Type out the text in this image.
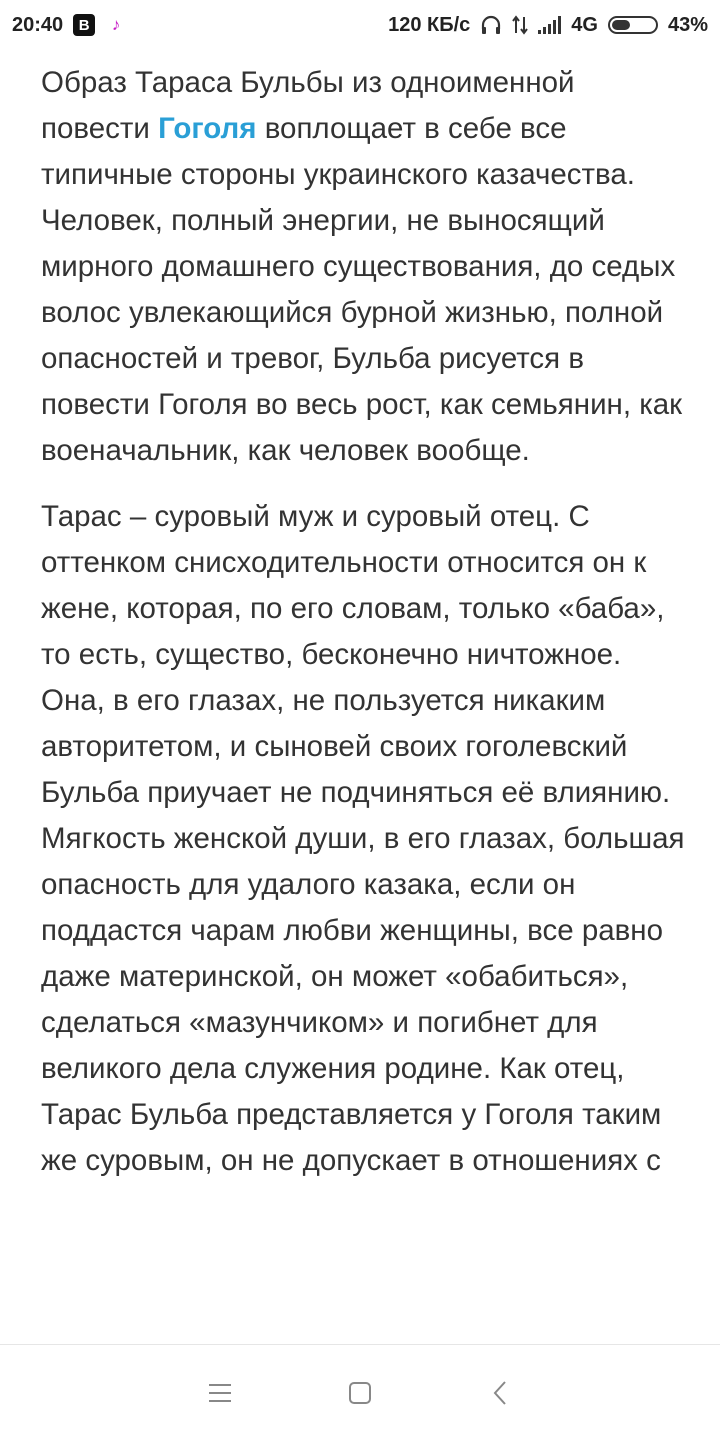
20:40	B	♪	120 КБ/с	4G	43%

Образ Тараса Бульбы из одноименной повести Гоголя воплощает в себе все типичные стороны украинского казачества. Человек, полный энергии, не выносящий мирного домашнего существования, до седых волос увлекающийся бурной жизнью, полной опасностей и тревог, Бульба рисуется в повести Гоголя во весь рост, как семьянин, как военачальник, как человек вообще.

Тарас – суровый муж и суровый отец. С оттенком снисходительности относится он к жене, которая, по его словам, только «баба», то есть, существо, бесконечно ничтожное. Она, в его глазах, не пользуется никаким авторитетом, и сыновей своих гоголевский Бульба приучает не подчиняться её влиянию. Мягкость женской души, в его глазах, большая опасность для удалого казака, если он поддастся чарам любви женщины, все равно даже материнской, он может «обабиться», сделаться «мазунчиком» и погибнет для великого дела служения родине. Как отец, Тарас Бульба представляется у Гоголя таким же суровым, он не допускает в отношениях с
